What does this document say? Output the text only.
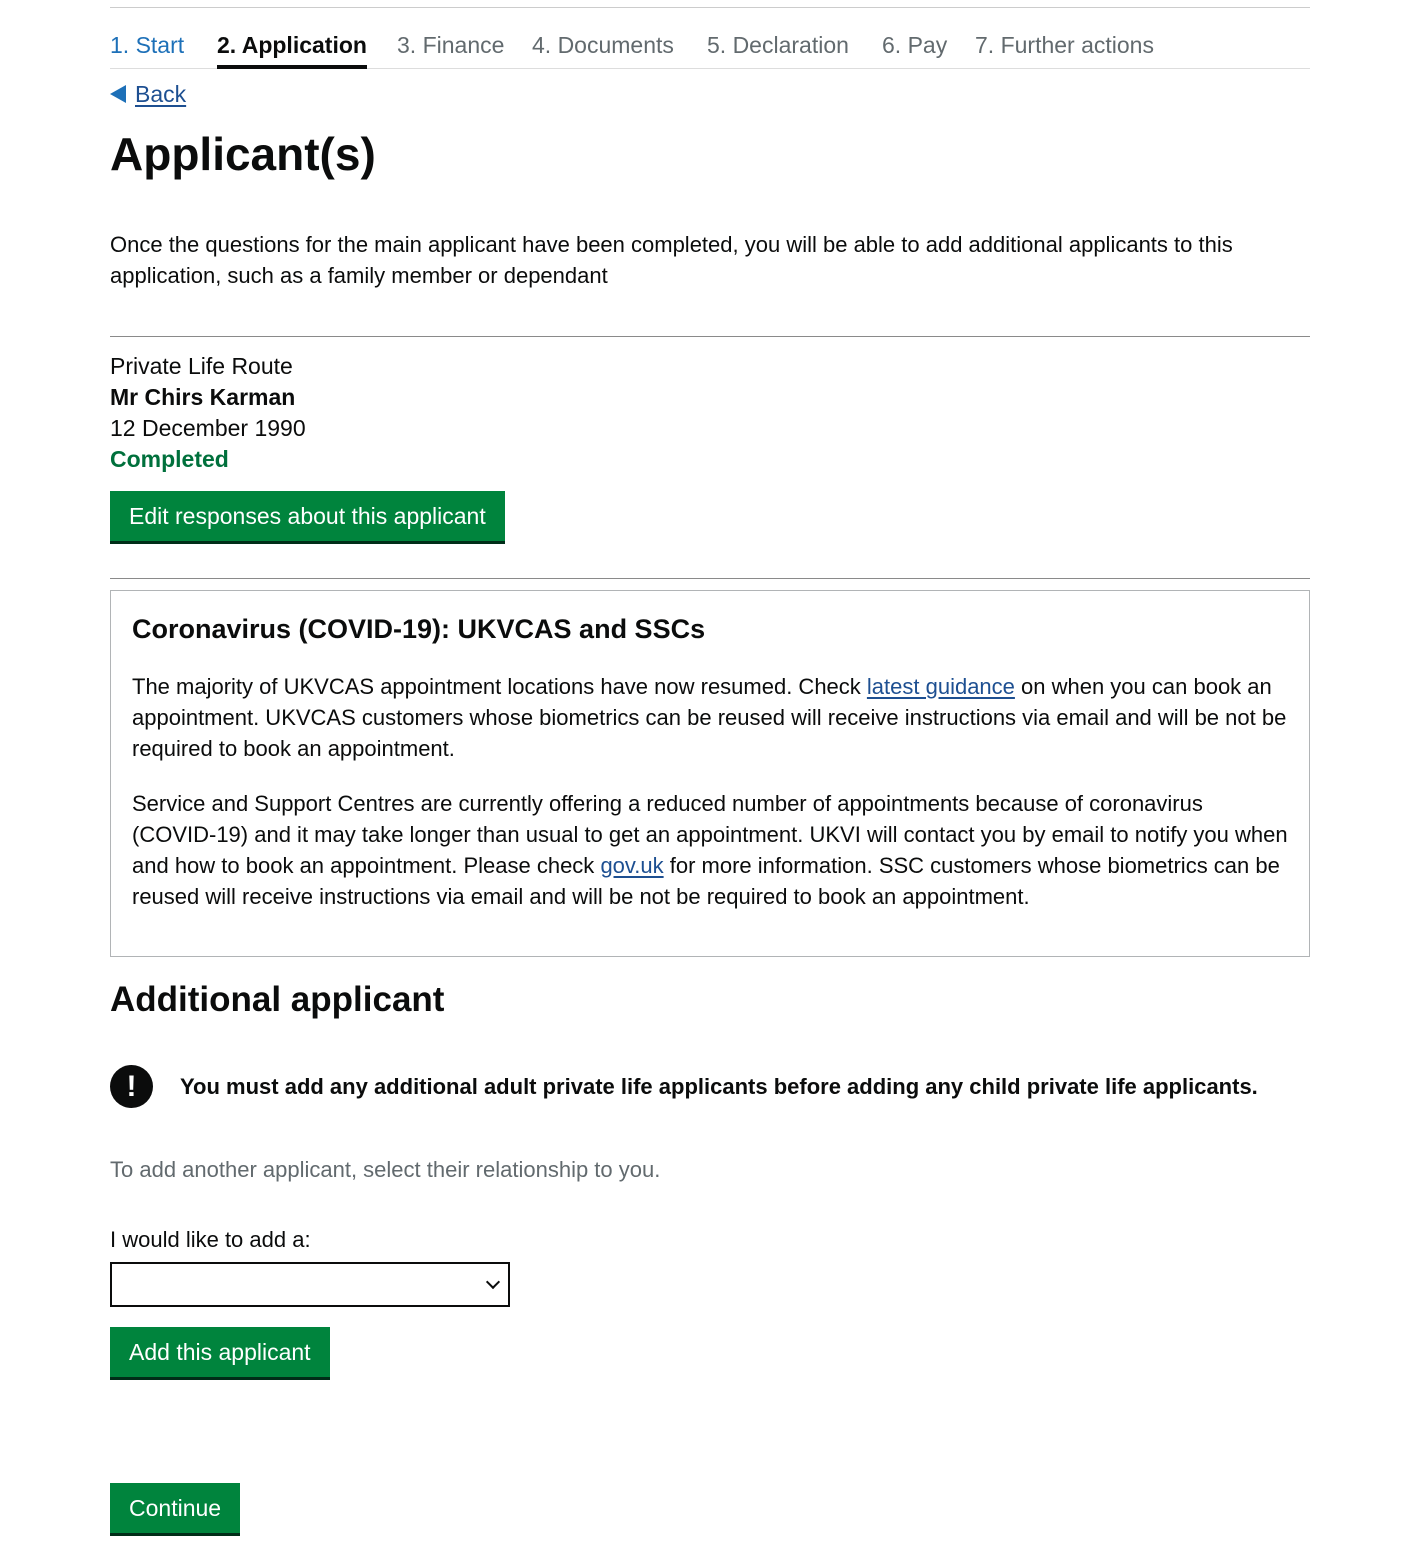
1. Start 2. Application 3. Finance 4. Documents 5. Declaration 6. Pay 7. Further actions
Back
Applicant(s)

Once the questions for the main applicant have been completed, you will be able to add additional applicants to this application, such as a family member or dependant

Private Life Route
Mr Chirs Karman
12 December 1990
Completed
Edit responses about this applicant
Coronavirus (COVID-19): UKVCAS and SSCs

The majority of UKVCAS appointment locations have now resumed. Check latest guidance on when you can book an appointment. UKVCAS customers whose biometrics can be reused will receive instructions via email and will be not be required to book an appointment.

Service and Support Centres are currently offering a reduced number of appointments because of coronavirus (COVID-19) and it may take longer than usual to get an appointment. UKVI will contact you by email to notify you when and how to book an appointment. Please check gov.uk for more information. SSC customers whose biometrics can be reused will receive instructions via email and will be not be required to book an appointment.

Additional applicant
!	You must add any additional adult private life applicants before adding any child private life applicants.
To add another applicant, select their relationship to you.
I would like to add a:
Add this applicant
Continue
